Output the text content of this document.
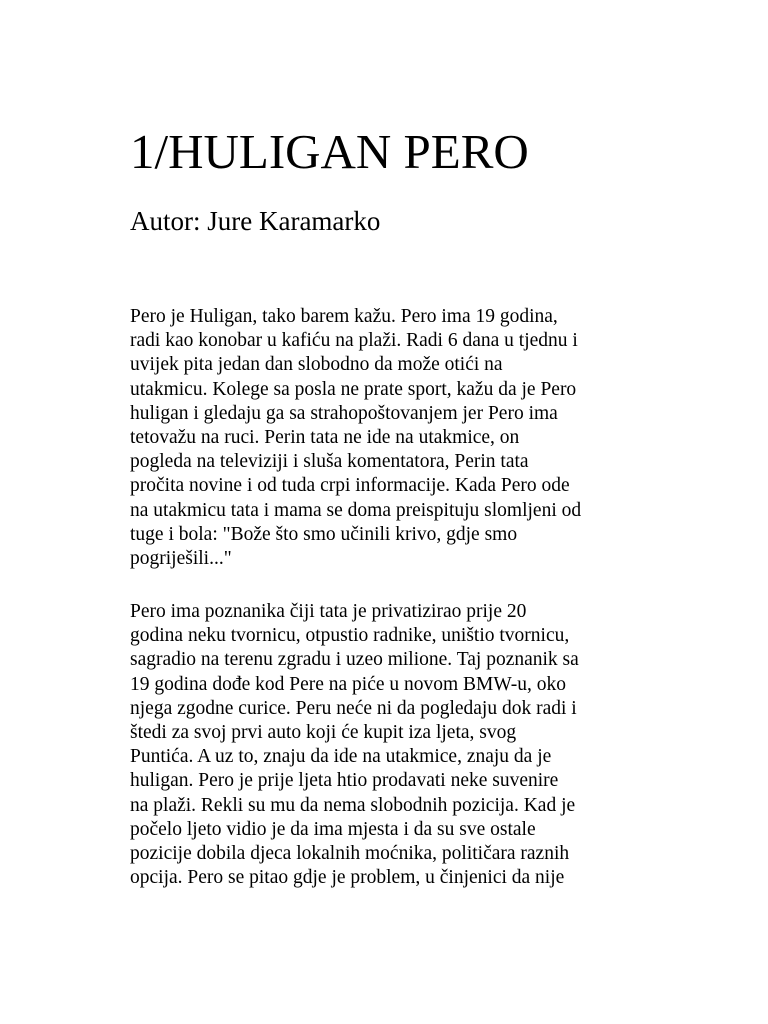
1/HULIGAN PERO
Autor: Jure Karamarko
Pero je Huligan, tako barem kažu. Pero ima 19 godina,
radi kao konobar u kafiću na plaži. Radi 6 dana u tjednu i
uvijek pita jedan dan slobodno da može otići na
utakmicu. Kolege sa posla ne prate sport, kažu da je Pero
huligan i gledaju ga sa strahopoštovanjem jer Pero ima
tetovažu na ruci. Perin tata ne ide na utakmice, on
pogleda na televiziji i sluša komentatora, Perin tata
pročita novine i od tuda crpi informacije. Kada Pero ode
na utakmicu tata i mama se doma preispituju slomljeni od
tuge i bola: "Bože što smo učinili krivo, gdje smo
pogriješili..."
Pero ima poznanika čiji tata je privatizirao prije 20
godina neku tvornicu, otpustio radnike, uništio tvornicu,
sagradio na terenu zgradu i uzeo milione. Taj poznanik sa
19 godina dođe kod Pere na piće u novom BMW-u, oko
njega zgodne curice. Peru neće ni da pogledaju dok radi i
štedi za svoj prvi auto koji će kupit iza ljeta, svog
Puntića. A uz to, znaju da ide na utakmice, znaju da je
huligan. Pero je prije ljeta htio prodavati neke suvenire
na plaži. Rekli su mu da nema slobodnih pozicija. Kad je
počelo ljeto vidio je da ima mjesta i da su sve ostale
pozicije dobila djeca lokalnih moćnika, političara raznih
opcija. Pero se pitao gdje je problem, u činjenici da nije
